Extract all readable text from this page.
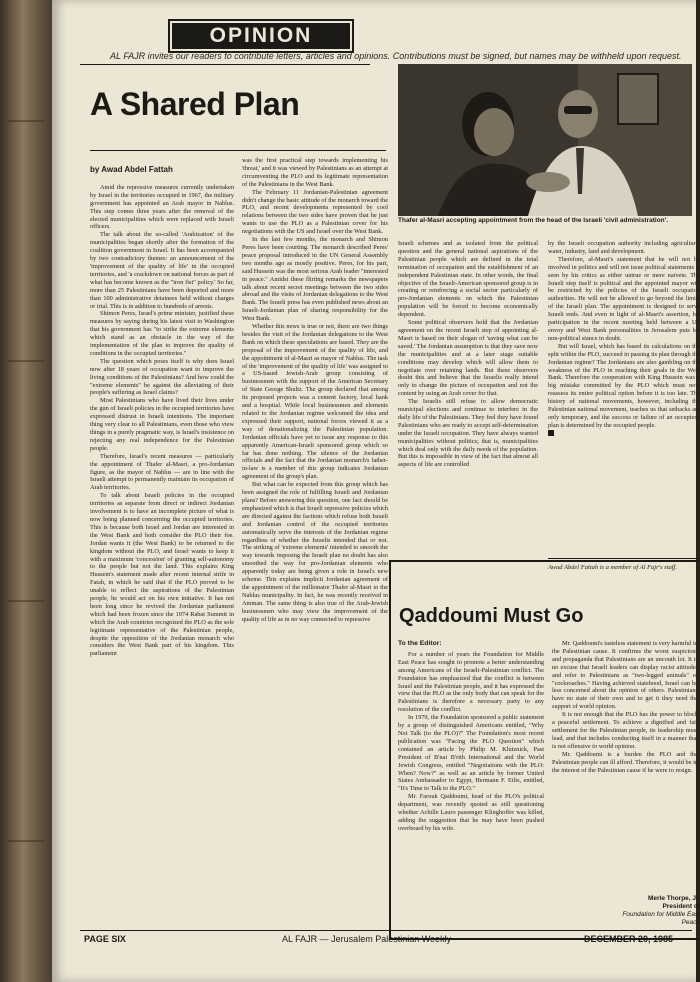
OPINION
AL FAJR invites our readers to contribute letters, articles and opinions. Contributions must be signed, but names may be withheld upon request.
A Shared Plan

by Awad Abdel Fattah

Amid the repressive measures currently undertaken by Israel in the territories occupied in 1967, the military government has appointed an Arab mayor in Nablus. This step comes three years after the removal of the elected municipalities which were replaced with Israeli officers.

The talk about the so-called 'Arabization' of the municipalities began shortly after the formation of the coalition government in Israel. It has been accompanied by two contradictory themes: an announcement of the 'improvement of the quality of life' in the occupied territories, and 'a crackdown on national forces as part of what has become known as the "iron fist" policy.' So far, more than 25 Palestinians have been deported and more than 100 administrative detainees held without charges or trial. This is in addition to hundreds of arrests.

Shimon Peres, Israel's prime minister, justified these measures by saying during his latest visit to Washington that his government has "to strike the extreme elements which stand as an obstacle in the way of the implementation of the plan to improve the quality of conditions in the occupied territories."

The question which poses itself is why does Israel now after 18 years of occupation want to improve the living conditions of the Palestinians? And how could the "extreme elements" be against the alleviating of their people's suffering as Israel claims?

Most Palestinians who have lived their lives under the gun of Israeli policies in the occupied territories have expressed distrust in Israeli intentions. The important thing very clear to all Palestinians, even those who view things in a purely pragmatic way, is Israel's insistence on rejecting any real independence for the Palestinian people.

Therefore, Israel's recent measures — particularly the appointment of Thafer al-Masri, a pro-Jordanian figure, as the mayor of Nablus — are in line with the Israeli attempt to permanently maintain its occupation of Arab territories.

To talk about Israeli policies in the occupied territories as separate from direct or indirect Jordanian involvement is to have an incomplete picture of what is now being planned concerning the occupied territories. This is because both Israel and Jordan are interested in the West Bank and both consider the PLO their foe. Jordan wants it (the West Bank) to be returned to the kingdom without the PLO, and Israel wants to keep it with a maximum 'concession' of granting self-autonomy to the people but not the land. This explains King Hussein's statement made after recent internal strife in Fatah, in which he said that if the PLO proved to be unable to reflect the aspirations of the Palestinian people, he would act on his own initiative. It has not been long since he revived the Jordanian parliament which had been frozen since the 1974 Rabat Summit in which the Arab countries recognized the PLO as the sole legitimate representative of the Palestinian people, despite the opposition of the Jordanian monarch who considers the West Bank part of his kingdom. This parliament

was the first practical step towards implementing his 'threat,' and it was viewed by Palestinians as an attempt at circumventing the PLO and its legitimate representation of the Palestinians in the West Bank.

The February 11 Jordanian-Palestinian agreement didn't change the basic attitude of the monarch toward the PLO, and recent developments represented by cool relations between the two sides have proven that he just wants to use the PLO as a Palestinian cover for his negotiations with the US and Israel over the West Bank.

In the last few months, the monarch and Shimon Peres have been courting. The monarch described Peres' peace proposal introduced in the UN General Assembly two months ago as mostly positive. Peres, for his part, said Hussein was the most serious Arab leader "interested in peace." Amidst these flirting remarks the newspapers talk about recent secret meetings between the two sides abroad and the visits of Jordanian delegations to the West Bank. The Israeli press has even published news about an Israeli-Jordanian plan of sharing responsibility for the West Bank.

Whether this news is true or not, there are two things besides the visit of the Jordanian delegations to the West Bank on which these speculations are based. They are the proposal of the improvement of the quality of life, and the appointment of al-Masri as mayor of Nablus. The task of the 'improvement of the quality of life' was assigned to a US-based Jewish-Arab group consisting of businessmen with the support of the American Secretary of State George Shultz. The group declared that among its proposed projects was a cement factory, local bank and a hospital. While local businessmen and elements related to the Jordanian regime welcomed the idea and expressed their support, national forces viewed it as a way of denationalizing the Palestinian population. Jordanian officials have yet to issue any response to this apparently American-Israeli sponsored group which so far has done nothing. The silence of the Jordanian officials and the fact that the Jordanian monarch's father-in-law is a member of this group indicates Jordanian agreement of the group's plan.

But what can be expected from this group which has been assigned the role of fulfilling Israeli and Jordanian plans? Before answering this question, one fact should be emphasized which is that Israeli repressive policies which are directed against the factions which refuse both Israeli and Jordanian control of the occupied territories automatically serve the interests of the Jordanian regime regardless of whether the Israelis intended that or not. The striking of 'extreme elements' intended to smooth the way towards imposing the Israeli plan no doubt has also smoothed the way for pro-Jordanian elements who apparently today are being given a role in Israel's new scheme. This explains implicit Jordanian agreement of the appointment of the millionaire Thafer al-Masri to the Nablus municipality. In fact, he was recently received in Amman. The same thing is also true of the Arab-Jewish businessmen who may view the improvement of the quality of life as in no way connected to repressive

Thafer al-Masri accepting appointment from the head of the Israeli 'civil administration'.

Israeli schemes and as isolated from the political question and the general national aspirations of the Palestinian people which are defined in the total termination of occupation and the establishment of an independent Palestinian state. In other words, the final objective of the Israeli-American sponsored group is in creating or reinforcing a social sector particularly of pro-Jordanian elements on which the Palestinian population will be forced to become economically dependent.

Some political observers hold that the Jordanian agreement on the recent Israeli step of appointing al-Masri is based on their slogan of 'saving what can be saved.' The Jordanian assumption is that they save now the municipalities and at a later stage suitable conditions may develop which will allow them to negotiate over retaining lands. But these observers doubt this and believe that the Israelis really intend only to change the picture of occupation and not the content by using an Arab cover for that.

The Israelis still refuse to allow democratic municipal elections and continue to interfere in the daily life of the Palestinians. They feel they have found Palestinians who are ready to accept self-determination under the Israeli occupation. They have always wanted municipalities without politics; that is, municipalities which deal only with the daily needs of the population. But this is impossible in view of the fact that almost all aspects of life are controlled

by the Israeli occupation authority including agriculture, water, industry, land and development.

Therefore, al-Masri's statement that he will not be involved in politics and will not issue political statements is seen by his critics as either untrue or mere naivete. The Israeli step itself is political and the appointed mayor will be restricted by the policies of the Israeli occupation authorities. He will not be allowed to go beyond the limits of the Israeli plan. The appointment is designed to serve Israeli ends. And even in light of al-Masri's assertion, his participation in the recent meeting held between a US envoy and West Bank personalities in Jerusalem puts his non-political stance in doubt.

But will Israel, which has based its calculations on the split within the PLO, succeed in passing its plan through the Jordanian regime? The Jordanians are also gambling on the weakness of the PLO in reaching their goals in the West Bank. Therefore the cooperation with King Hussein was a big mistake committed by the PLO which must now reassess its entire political option before it is too late. The history of national movements, however, including the Palestinian national movement, teaches us that setbacks are only temporary, and the success or failure of an occupier's plan is determined by the occupied people.

Awad Abdel Fattah is a member of Al Fajr's staff.
Qaddoumi Must Go

To the Editor:

For a number of years the Foundation for Middle East Peace has sought to promote a better understanding among Americans of the Israeli-Palestinian conflict. The Foundation has emphasized that the conflict is between Israel and the Palestinian people, and it has expressed the view that the PLO as the only body that can speak for the Palestinians is therefore a necessary party to any resolution of the conflict.

In 1979, the Foundation sponsored a public statement by a group of distinguished Americans entitled, "Why Not Talk (to the PLO)?" The Foundation's most recent publication was "Facing the PLO Question" which contained an article by Philip M. Klutznick, Past President of B'nai B'rith International and the World Jewish Congress, entitled "Negotiations with the PLO: When? Now?" as well as an article by former United States Ambassador to Egypt, Hermann F. Eilts, entitled, "It's Time to Talk to the PLO."

Mr. Farouk Qaddoumi, head of the PLO's political department, was recently quoted as still questioning whether Achille Lauro passenger Klinghoffer was killed, adding the suggestion that he may have been pushed overboard by his wife.

Mr. Qaddoumi's tasteless statement is very harmful to the Palestinian cause. It confirms the worst suspicions and propaganda that Palestinians are an uncouth lot. It is no excuse that Israeli leaders can display racist attitudes and refer to Palestinians as "two-legged animals" or "cockroaches." Having achieved statehood, Israel can be less concerned about the opinion of others. Palestinians have no state of their own and to get it they need the support of world opinion.

It is not enough that the PLO has the power to block a peaceful settlement. To achieve a dignified and fair settlement for the Palestinian people, its leadership must lead, and that includes conducting itself in a manner that is not offensive to world opinion.

Mr. Qaddoumi is a burden the PLO and the Palestinian people can ill afford. Therefore, it would be in the interest of the Palestinian cause if he were to resign.

Merle Thorpe, Jr.
President of
Foundation for Middle East Peace
PAGE SIX	AL FAJR — Jerusalem Palestinian Weekly	DECEMBER 20, 1985
